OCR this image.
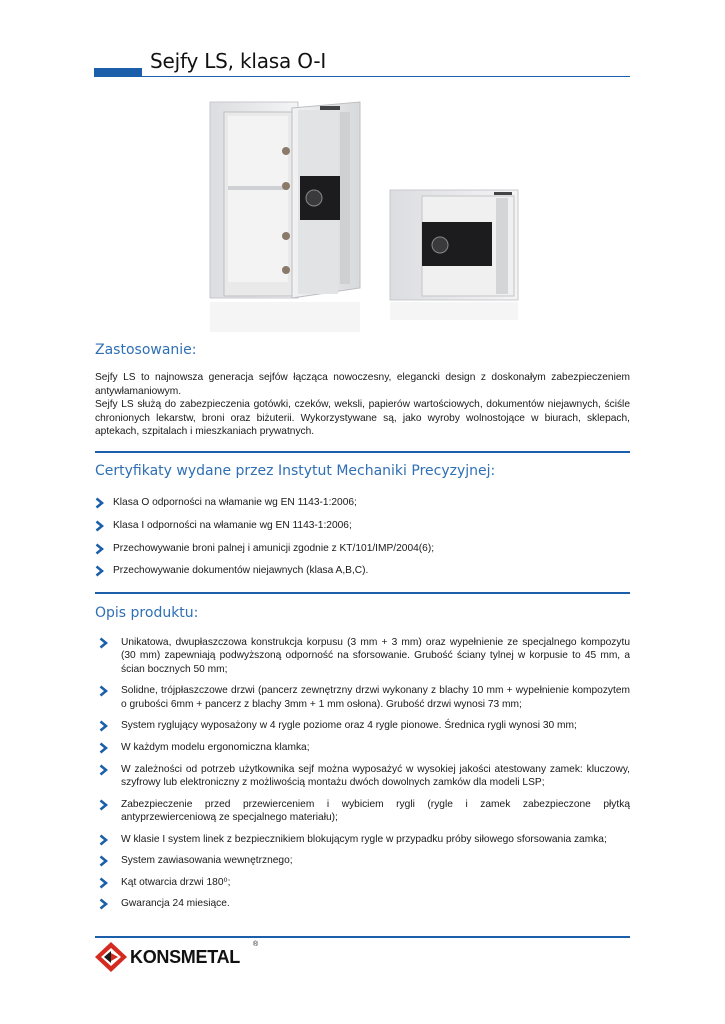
Sejfy LS, klasa O-I
Zastosowanie:

Sejfy LS to najnowsza generacja sejfów łącząca nowoczesny, elegancki design z doskonałym zabezpieczeniem antywłamaniowym.

Sejfy LS służą do zabezpieczenia gotówki, czeków, weksli, papierów wartościowych, dokumentów niejawnych, ściśle chronionych lekarstw, broni oraz biżuterii. Wykorzystywane są, jako wyroby wolnostojące w biurach, sklepach, aptekach, szpitalach i mieszkaniach prywatnych.

Certyfikaty wydane przez Instytut Mechaniki Precyzyjnej:
Klasa O odporności na włamanie wg EN 1143-1:2006;
Klasa I odporności na włamanie wg EN 1143-1:2006;
Przechowywanie broni palnej i amunicji zgodnie z KT/101/IMP/2004(6);
Przechowywanie dokumentów niejawnych (klasa A,B,C).
Opis produktu:
Unikatowa, dwupłaszczowa konstrukcja korpusu (3 mm + 3 mm) oraz wypełnienie ze specjalnego kompozytu (30 mm) zapewniają podwyższoną odporność na sforsowanie. Grubość ściany tylnej w korpusie to 45 mm, a ścian bocznych 50 mm;
Solidne, trójpłaszczowe drzwi (pancerz zewnętrzny drzwi wykonany z blachy 10 mm + wypełnienie kompozytem o grubości 6mm + pancerz z blachy 3mm + 1 mm osłona). Grubość drzwi wynosi 73 mm;
System ryglujący wyposażony w 4 rygle poziome oraz 4 rygle pionowe. Średnica rygli wynosi 30 mm;
W każdym modelu ergonomiczna klamka;
W zależności od potrzeb użytkownika sejf można wyposażyć w wysokiej jakości atestowany zamek: kluczowy, szyfrowy lub elektroniczny z możliwością montażu dwóch dowolnych zamków dla modeli LSP;
Zabezpieczenie przed przewierceniem i wybiciem rygli (rygle i zamek zabezpieczone płytką antyprzewierceniową ze specjalnego materiału);
W klasie I system linek z bezpiecznikiem blokującym rygle w przypadku próby siłowego sforsowania zamka;
System zawiasowania wewnętrznego;
Kąt otwarcia drzwi 180⁰;
Gwarancja 24 miesiące.
KONSMETAL
®
